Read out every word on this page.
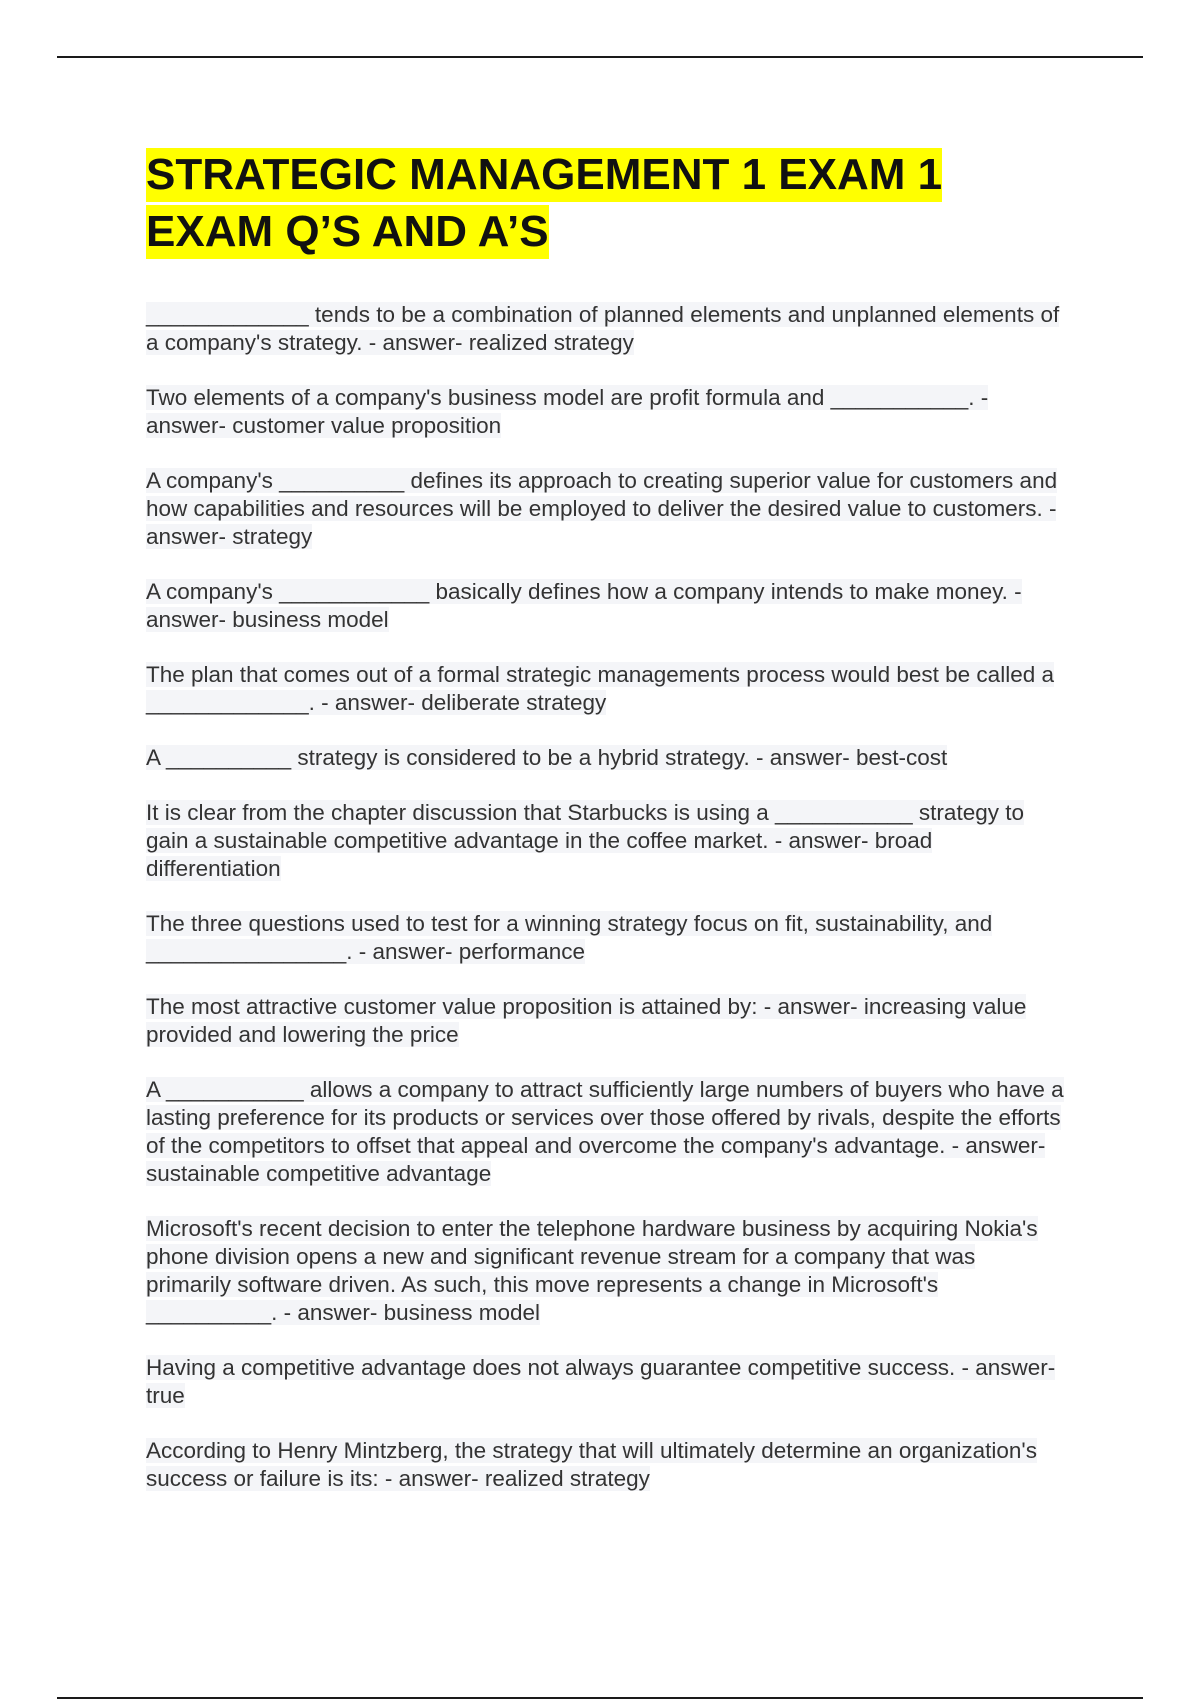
STRATEGIC MANAGEMENT 1 EXAM 1 EXAM Q’S AND A’S

_____________ tends to be a combination of planned elements and unplanned elements of a company's strategy. - answer- realized strategy

Two elements of a company's business model are profit formula and ___________. - answer- customer value proposition

A company's __________ defines its approach to creating superior value for customers and how capabilities and resources will be employed to deliver the desired value to customers. - answer- strategy

A company's ____________ basically defines how a company intends to make money. - answer- business model

The plan that comes out of a formal strategic managements process would best be called a _____________. - answer- deliberate strategy

A __________ strategy is considered to be a hybrid strategy. - answer- best-cost

It is clear from the chapter discussion that Starbucks is using a ___________ strategy to gain a sustainable competitive advantage in the coffee market. - answer- broad differentiation

The three questions used to test for a winning strategy focus on fit, sustainability, and ________________. - answer- performance

The most attractive customer value proposition is attained by: - answer- increasing value provided and lowering the price

A ___________ allows a company to attract sufficiently large numbers of buyers who have a lasting preference for its products or services over those offered by rivals, despite the efforts of the competitors to offset that appeal and overcome the company's advantage. - answer- sustainable competitive advantage

Microsoft's recent decision to enter the telephone hardware business by acquiring Nokia's phone division opens a new and significant revenue stream for a company that was primarily software driven. As such, this move represents a change in Microsoft's __________. - answer- business model

Having a competitive advantage does not always guarantee competitive success. - answer- true

According to Henry Mintzberg, the strategy that will ultimately determine an organization's success or failure is its: - answer- realized strategy
